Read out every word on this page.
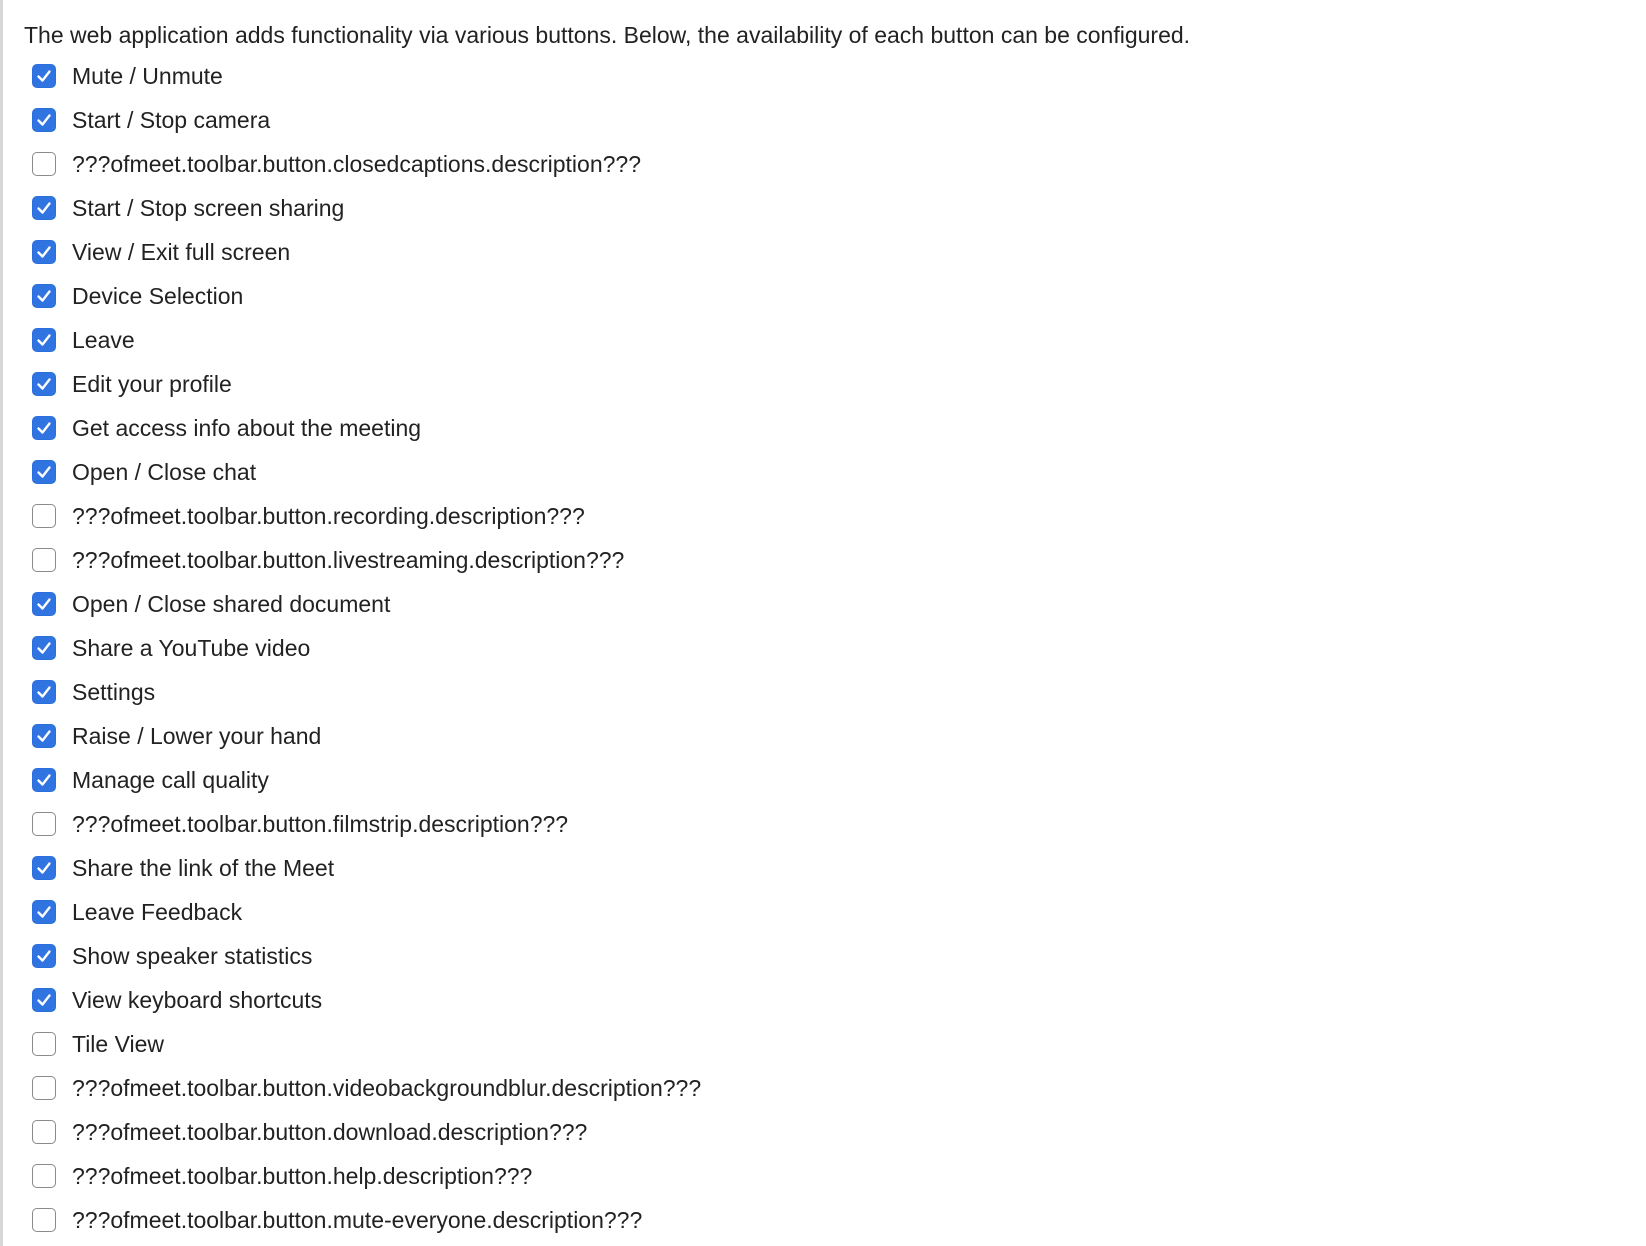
The web application adds functionality via various buttons. Below, the availability of each button can be configured.
Mute / Unmute
Start / Stop camera
???ofmeet.toolbar.button.closedcaptions.description???
Start / Stop screen sharing
View / Exit full screen
Device Selection
Leave
Edit your profile
Get access info about the meeting
Open / Close chat
???ofmeet.toolbar.button.recording.description???
???ofmeet.toolbar.button.livestreaming.description???
Open / Close shared document
Share a YouTube video
Settings
Raise / Lower your hand
Manage call quality
???ofmeet.toolbar.button.filmstrip.description???
Share the link of the Meet
Leave Feedback
Show speaker statistics
View keyboard shortcuts
Tile View
???ofmeet.toolbar.button.videobackgroundblur.description???
???ofmeet.toolbar.button.download.description???
???ofmeet.toolbar.button.help.description???
???ofmeet.toolbar.button.mute-everyone.description???
